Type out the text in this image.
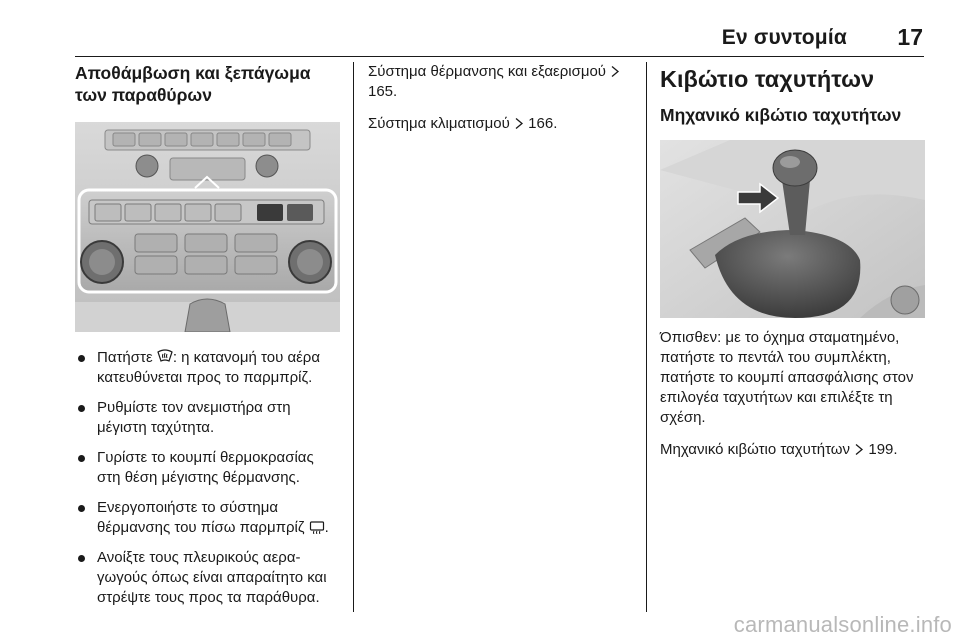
Εν συντομία 17
Αποθάμβωση και ξεπάγωμα των παραθύρων
Πατήστε : η κατανομή του αέρα κατευθύνεται προς το παρμπρίζ.
Ρυθμίστε τον ανεμιστήρα στη μέγιστη ταχύτητα.
Γυρίστε το κουμπί θερμοκρασίας στη θέση μέγιστης θέρμανσης.
Ενεργοποιήστε το σύστημα θέρμανσης του πίσω παρμπρίζ .
Ανοίξτε τους πλευρικούς αεραγωγούς όπως είναι απαραίτητο και στρέψτε τους προς τα παράθυρα.

Σύστημα θέρμανσης και εξαερισμού  165.

Σύστημα κλιματισμού  166.

Κιβώτιο ταχυτήτων
Μηχανικό κιβώτιο ταχυτήτων

Όπισθεν: με το όχημα σταματημένο, πατήστε το πεντάλ του συμπλέκτη, πατήστε το κουμπί απασφάλισης στον επιλογέα ταχυτήτων και επιλέξτε τη σχέση.

Μηχανικό κιβώτιο ταχυτήτων  199.

carmanualsonline.info
